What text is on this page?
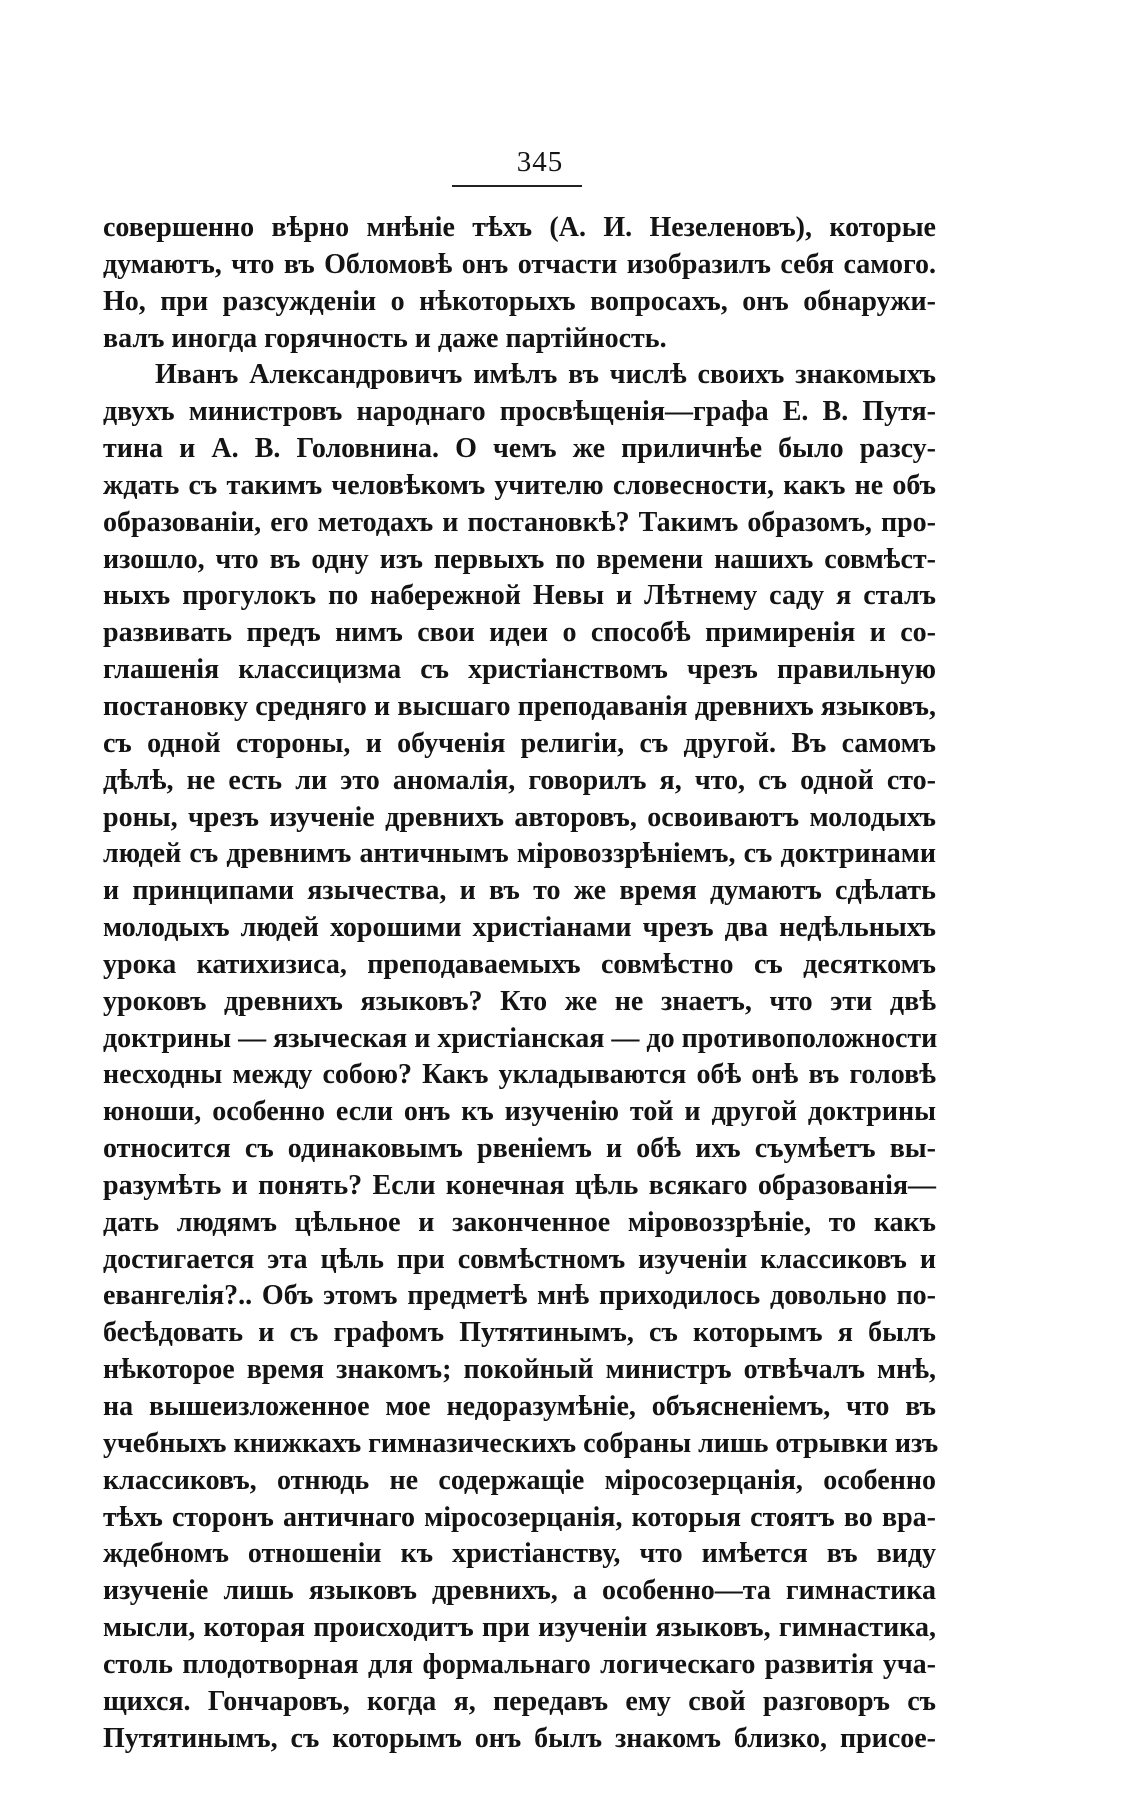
345
совершенно вѣрно мнѣніе тѣхъ (А. И. Незеленовъ), которые
думаютъ, что въ Обломовѣ онъ отчасти изобразилъ себя самого.
Но, при разсужденіи о нѣкоторыхъ вопросахъ, онъ обнаружи-
валъ иногда горячность и даже партійность.
Иванъ Александровичъ имѣлъ въ числѣ своихъ знакомыхъ
двухъ министровъ народнаго просвѣщенія—графа Е. В. Путя-
тина и А. В. Головнина. О чемъ же приличнѣе было разсу-
ждать съ такимъ человѣкомъ учителю словесности, какъ не объ
образованіи, его методахъ и постановкѣ? Такимъ образомъ, про-
изошло, что въ одну изъ первыхъ по времени нашихъ совмѣст-
ныхъ прогулокъ по набережной Невы и Лѣтнему саду я сталъ
развивать предъ нимъ свои идеи о способѣ примиренія и со-
глашенія классицизма съ христіанствомъ чрезъ правильную
постановку средняго и высшаго преподаванія древнихъ языковъ,
съ одной стороны, и обученія религіи, съ другой. Въ самомъ
дѣлѣ, не есть ли это аномалія, говорилъ я, что, съ одной сто-
роны, чрезъ изученіе древнихъ авторовъ, освоиваютъ молодыхъ
людей съ древнимъ античнымъ міровоззрѣніемъ, съ доктринами
и принципами язычества, и въ то же время думаютъ сдѣлать
молодыхъ людей хорошими христіанами чрезъ два недѣльныхъ
урока катихизиса, преподаваемыхъ совмѣстно съ десяткомъ
уроковъ древнихъ языковъ? Кто же не знаетъ, что эти двѣ
доктрины — языческая и христіанская — до противоположности
несходны между собою? Какъ укладываются обѣ онѣ въ головѣ
юноши, особенно если онъ къ изученію той и другой доктрины
относится съ одинаковымъ рвеніемъ и обѣ ихъ съумѣетъ вы-
разумѣть и понять? Если конечная цѣль всякаго образованія—
дать людямъ цѣльное и законченное міровоззрѣніе, то какъ
достигается эта цѣль при совмѣстномъ изученіи классиковъ и
евангелія?.. Объ этомъ предметѣ мнѣ приходилось довольно по-
бесѣдовать и съ графомъ Путятинымъ, съ которымъ я былъ
нѣкоторое время знакомъ; покойный министръ отвѣчалъ мнѣ,
на вышеизложенное мое недоразумѣніе, объясненіемъ, что въ
учебныхъ книжкахъ гимназическихъ собраны лишь отрывки изъ
классиковъ, отнюдь не содержащіе міросозерцанія, особенно
тѣхъ сторонъ античнаго міросозерцанія, которыя стоятъ во вра-
ждебномъ отношеніи къ христіанству, что имѣется въ виду
изученіе лишь языковъ древнихъ, а особенно—та гимнастика
мысли, которая происходитъ при изученіи языковъ, гимнастика,
столь плодотворная для формальнаго логическаго развитія уча-
щихся. Гончаровъ, когда я, передавъ ему свой разговоръ съ
Путятинымъ, съ которымъ онъ былъ знакомъ близко, присое-
